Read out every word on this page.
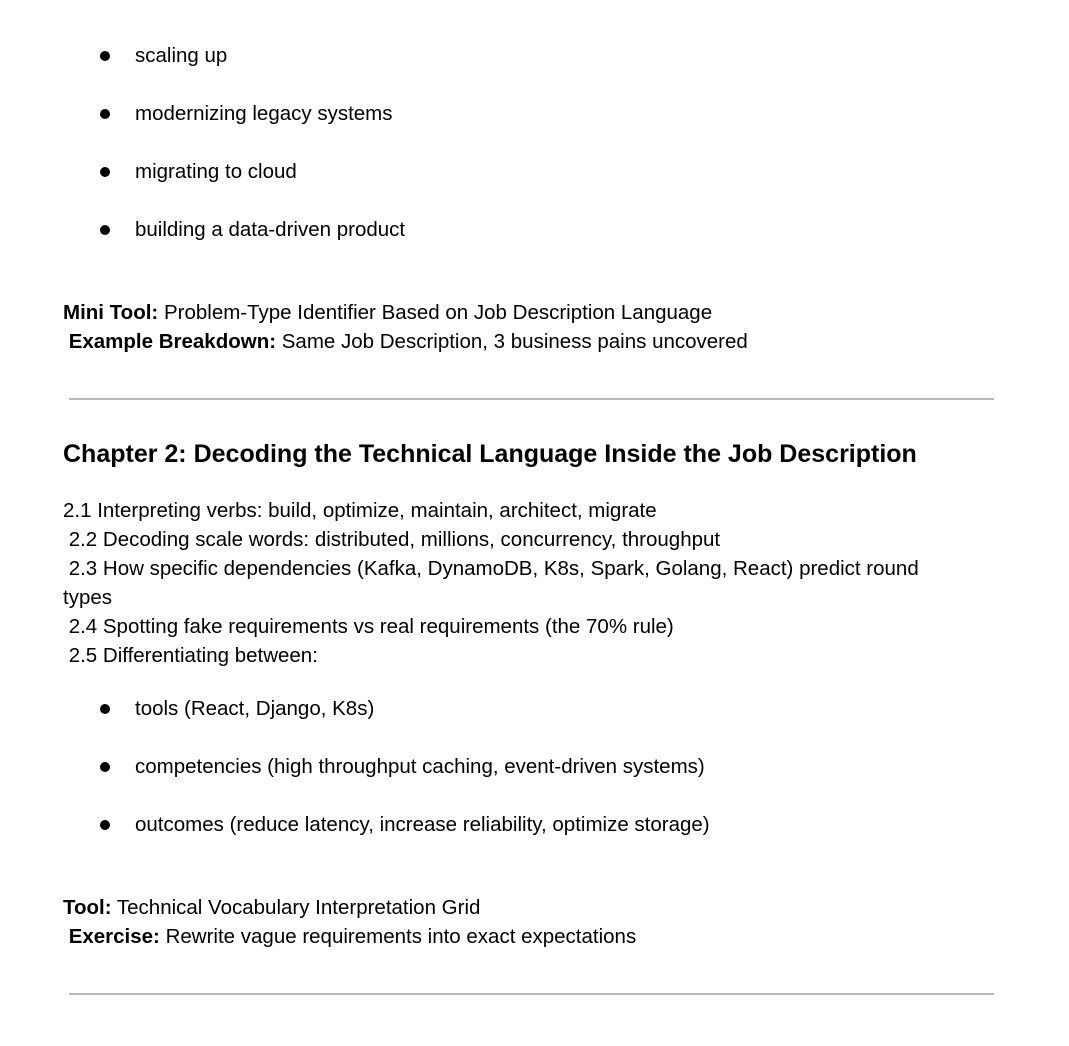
scaling up
modernizing legacy systems
migrating to cloud
building a data-driven product
Mini Tool: Problem-Type Identifier Based on Job Description Language
Example Breakdown: Same Job Description, 3 business pains uncovered
Chapter 2: Decoding the Technical Language Inside the Job Description
2.1 Interpreting verbs: build, optimize, maintain, architect, migrate
2.2 Decoding scale words: distributed, millions, concurrency, throughput
2.3 How specific dependencies (Kafka, DynamoDB, K8s, Spark, Golang, React) predict round
types
2.4 Spotting fake requirements vs real requirements (the 70% rule)
2.5 Differentiating between:
tools (React, Django, K8s)
competencies (high throughput caching, event-driven systems)
outcomes (reduce latency, increase reliability, optimize storage)
Tool: Technical Vocabulary Interpretation Grid
Exercise: Rewrite vague requirements into exact expectations
